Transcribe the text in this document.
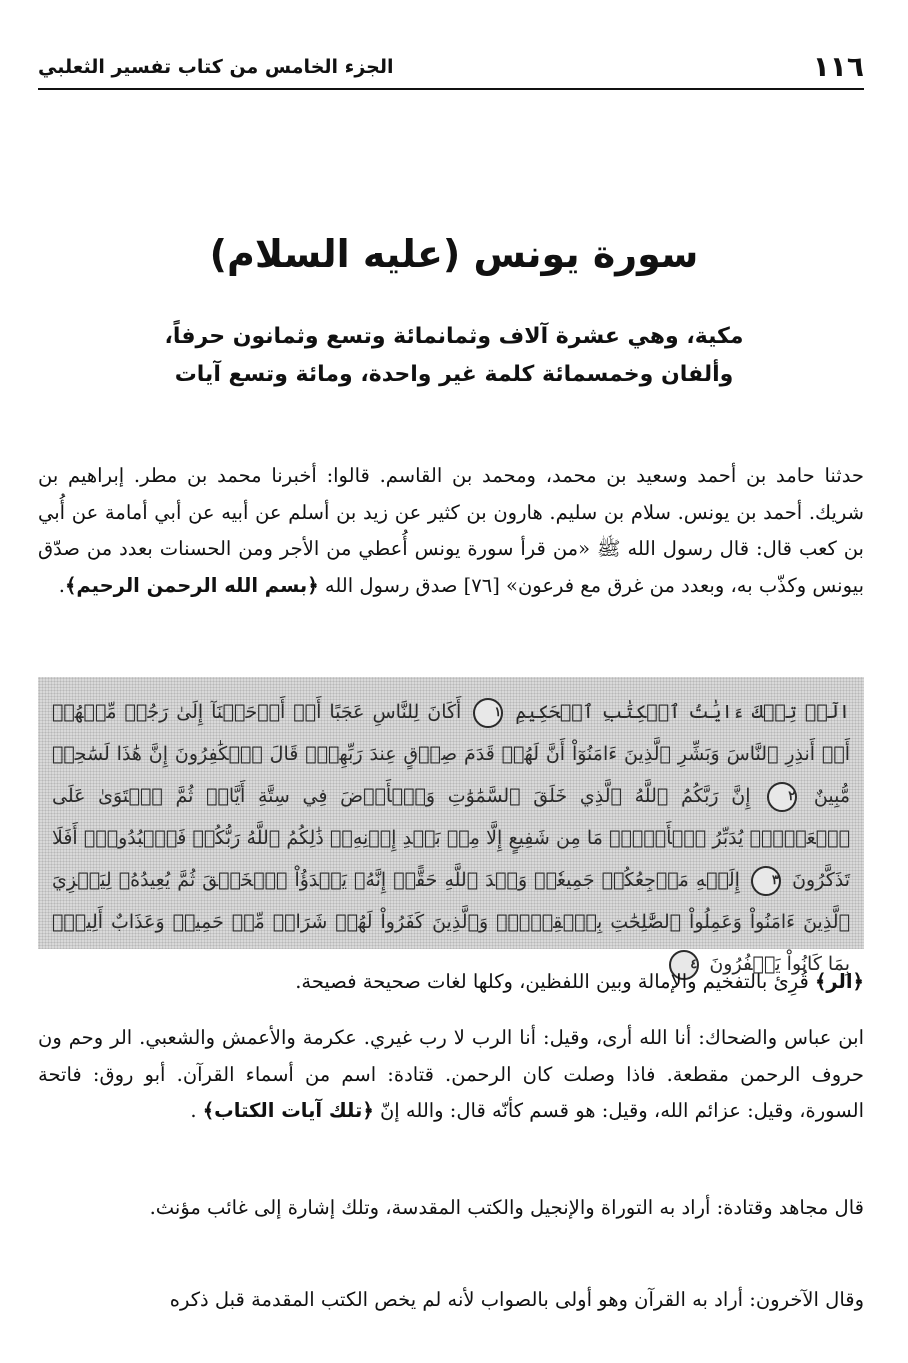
١١٦
الجزء الخامس من كتاب تفسير الثعلبي
سورة يونس (عليه السلام)
مكية، وهي عشرة آلاف وثمانمائة وتسع وثمانون حرفاً،
وألفان وخمسمائة كلمة غير واحدة، ومائة وتسع آيات
حدثنا حامد بن أحمد وسعيد بن محمد، ومحمد بن القاسم. قالوا: أخبرنا محمد بن مطر. إبراهيم بن شريك. أحمد بن يونس. سلام بن سليم. هارون بن كثير عن زيد بن أسلم عن أبيه عن أبي أمامة عن أُبي بن كعب قال: قال رسول الله ﷺ «من قرأ سورة يونس أُعطي من الأجر ومن الحسنات بعدد من صدّق بيونس وكذّب به، وبعدد من غرق مع فرعون» [٧٦] صدق رسول الله ﴿بسم الله الرحمن الرحيم﴾.
الٓرۚ تِلۡكَ ءَايَٰتُ ٱلۡكِتَٰبِ ٱلۡحَكِيمِ ١ أَكَانَ لِلنَّاسِ عَجَبًا أَنۡ أَوۡحَيۡنَآ إِلَىٰ رَجُلٖ مِّنۡهُمۡ أَنۡ أَنذِرِ ٱلنَّاسَ وَبَشِّرِ ٱلَّذِينَ ءَامَنُوٓاْ أَنَّ لَهُمۡ قَدَمَ صِدۡقٍ عِندَ رَبِّهِمۡۗ قَالَ ٱلۡكَٰفِرُونَ إِنَّ هَٰذَا لَسَٰحِرٞ مُّبِينٌ ٢ إِنَّ رَبَّكُمُ ٱللَّهُ ٱلَّذِي خَلَقَ ٱلسَّمَٰوَٰتِ وَٱلۡأَرۡضَ فِي سِتَّةِ أَيَّامٖ ثُمَّ ٱسۡتَوَىٰ عَلَى ٱلۡعَرۡشِۖ يُدَبِّرُ ٱلۡأَمۡرَۖ مَا مِن شَفِيعٍ إِلَّا مِنۢ بَعۡدِ إِذۡنِهِۦۚ ذَٰلِكُمُ ٱللَّهُ رَبُّكُمۡ فَٱعۡبُدُوهُۚ أَفَلَا تَذَكَّرُونَ ٣ إِلَيۡهِ مَرۡجِعُكُمۡ جَمِيعٗاۖ وَعۡدَ ٱللَّهِ حَقًّاۚ إِنَّهُۥ يَبۡدَؤُاْ ٱلۡخَلۡقَ ثُمَّ يُعِيدُهُۥ لِيَجۡزِيَ ٱلَّذِينَ ءَامَنُواْ وَعَمِلُواْ ٱلصَّٰلِحَٰتِ بِٱلۡقِسۡطِۚ وَٱلَّذِينَ كَفَرُواْ لَهُمۡ شَرَابٞ مِّنۡ حَمِيمٖ وَعَذَابٌ أَلِيمُۢ بِمَا كَانُواْ يَكۡفُرُونَ ٤
﴿الر﴾ قُرِئ بالتفخيم والإمالة وبين اللفظين، وكلها لغات صحيحة فصيحة.
ابن عباس والضحاك: أنا الله أرى، وقيل: أنا الرب لا رب غيري. عكرمة والأعمش والشعبي. الر وحم ون حروف الرحمن مقطعة. فاذا وصلت كان الرحمن. قتادة: اسم من أسماء القرآن. أبو روق: فاتحة السورة، وقيل: عزائم الله، وقيل: هو قسم كأنّه قال: والله إنّ ﴿تلك آيات الكتاب﴾ .
قال مجاهد وقتادة: أراد به التوراة والإنجيل والكتب المقدسة، وتلك إشارة إلى غائب مؤنث.
وقال الآخرون: أراد به القرآن وهو أولى بالصواب لأنه لم يخص الكتب المقدمة قبل ذكره
